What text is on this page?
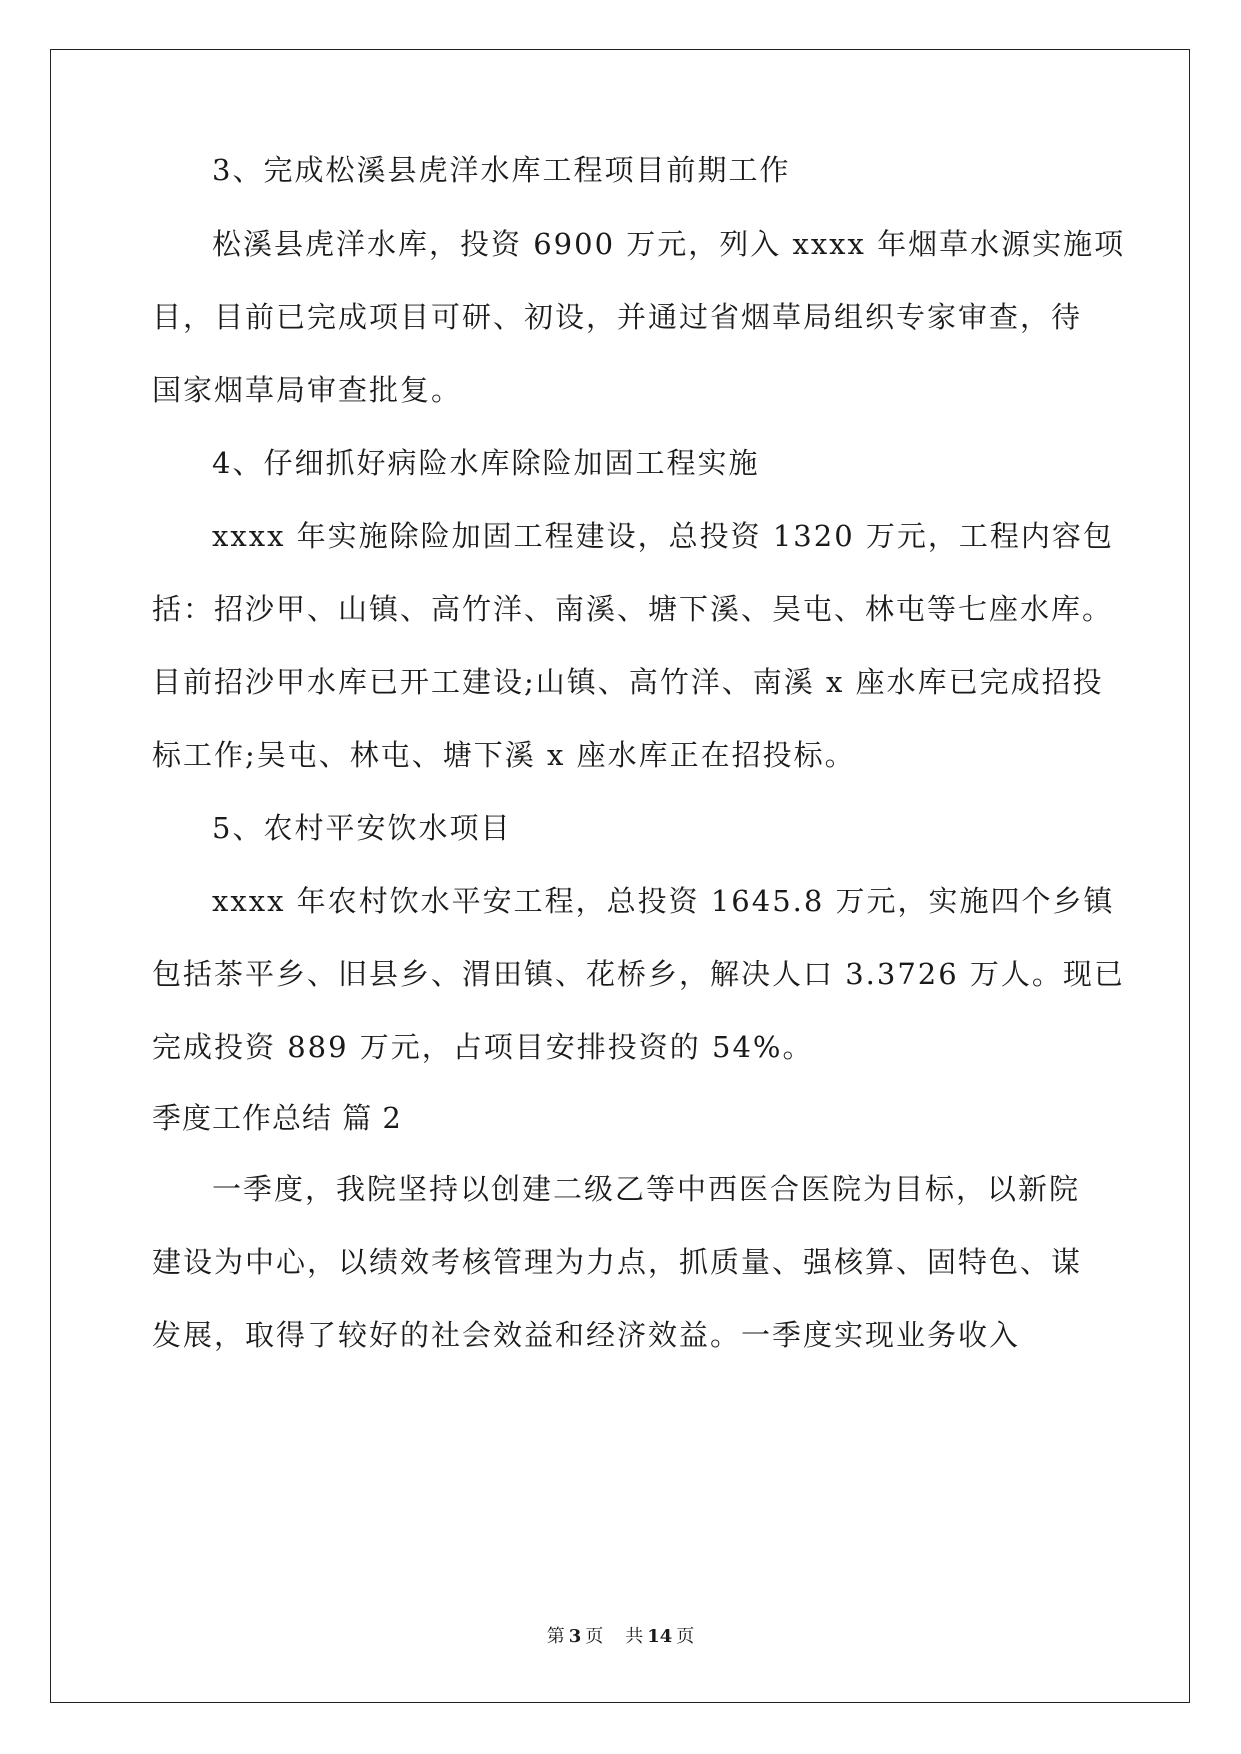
3、完成松溪县虎洋水库工程项目前期工作
松溪县虎洋水库，投资 6900 万元，列入 xxxx 年烟草水源实施项
目，目前已完成项目可研、初设，并通过省烟草局组织专家审查，待
国家烟草局审查批复。
4、仔细抓好病险水库除险加固工程实施
xxxx 年实施除险加固工程建设，总投资 1320 万元，工程内容包
括：招沙甲、山镇、高竹洋、南溪、塘下溪、吴屯、林屯等七座水库。
目前招沙甲水库已开工建设;山镇、高竹洋、南溪 x 座水库已完成招投
标工作;吴屯、林屯、塘下溪 x 座水库正在招投标。
5、农村平安饮水项目
xxxx 年农村饮水平安工程，总投资 1645.8 万元，实施四个乡镇
包括茶平乡、旧县乡、渭田镇、花桥乡，解决人口 3.3726 万人。现已
完成投资 889 万元，占项目安排投资的 54%。
季度工作总结 篇 2
一季度，我院坚持以创建二级乙等中西医合医院为目标，以新院
建设为中心，以绩效考核管理为力点，抓质量、强核算、固特色、谋
发展，取得了较好的社会效益和经济效益。一季度实现业务收入
第 3 页 共 14 页
